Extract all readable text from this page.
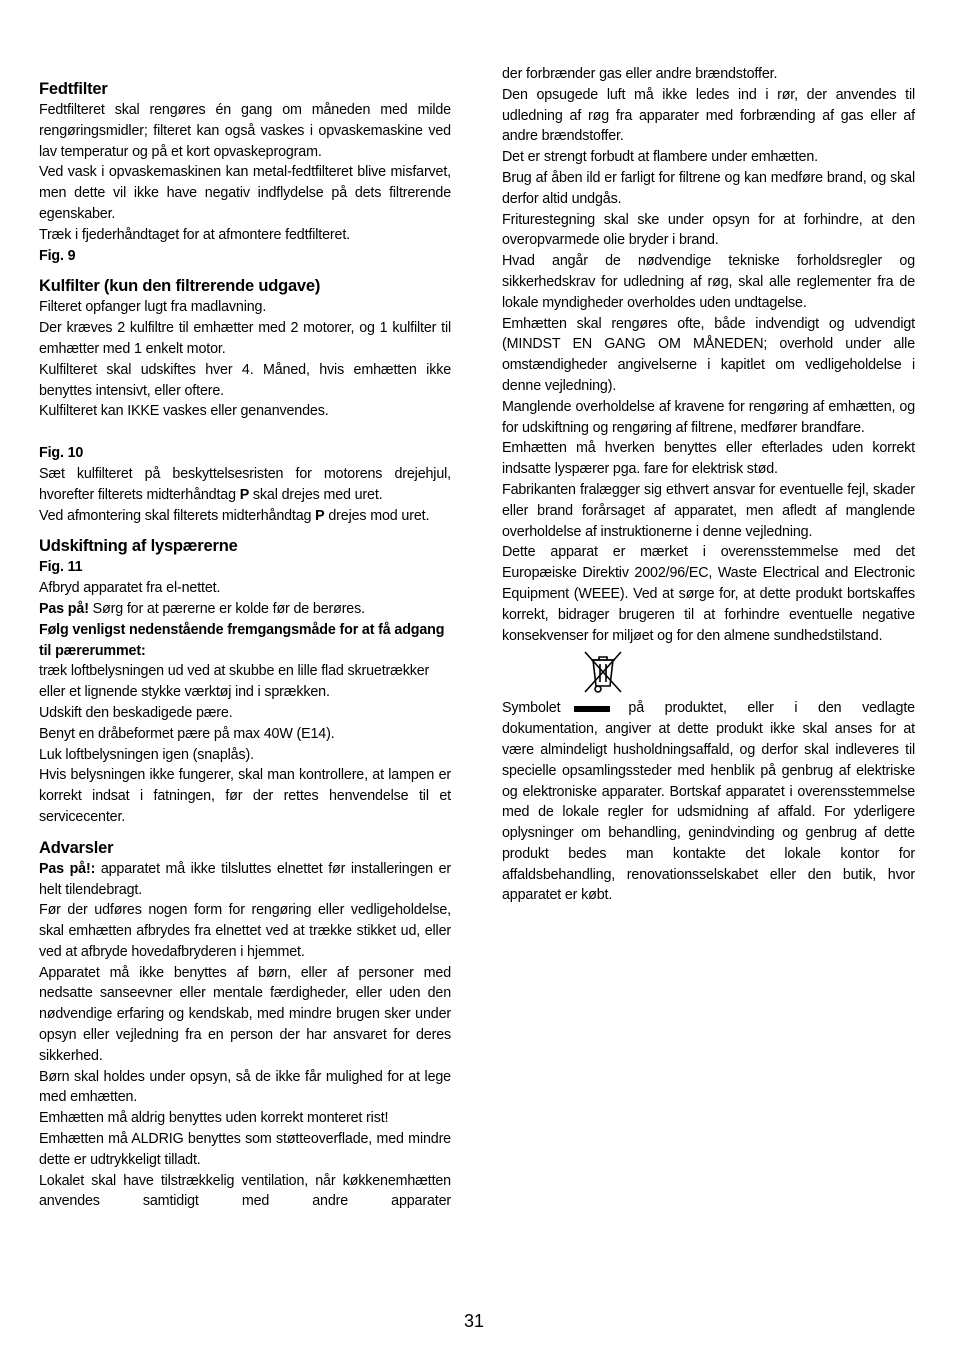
Fedtfilter

Fedtfilteret skal rengøres én gang om måneden med milde rengøringsmidler; filteret kan også vaskes i opvaskemaskine ved lav temperatur og på et kort opvaskeprogram.

Ved vask i opvaskemaskinen kan metal-fedtfilteret blive misfarvet, men dette vil ikke have negativ indflydelse på dets filtrerende egenskaber.

Træk i fjederhåndtaget for at afmontere fedtfilteret.

Fig. 9

Kulfilter (kun den filtrerende udgave)

Filteret opfanger lugt fra madlavning.

Der kræves 2 kulfiltre til emhætter med 2 motorer, og 1 kulfilter til emhætter med 1 enkelt motor.

Kulfilteret skal udskiftes hver 4. Måned, hvis emhætten ikke benyttes intensivt, eller oftere.

Kulfilteret kan IKKE vaskes eller genanvendes.

Fig. 10

Sæt kulfilteret på beskyttelsesristen for motorens drejehjul, hvorefter filterets midterhåndtag P skal drejes med uret.

Ved afmontering skal filterets midterhåndtag P drejes mod uret.

Udskiftning af lyspærerne

Fig. 11

Afbryd apparatet fra el-nettet.

Pas på! Sørg for at pærerne er kolde før de berøres.

Følg venligst nedenstående fremgangsmåde for at få adgang til pærerummet:

træk loftbelysningen ud ved at skubbe en lille flad skruetrækker eller et lignende stykke værktøj ind i sprækken.

Udskift den beskadigede pære.

Benyt en dråbeformet pære på max 40W (E14).

Luk loftbelysningen igen (snaplås).

Hvis belysningen ikke fungerer, skal man kontrollere, at lampen er korrekt indsat i fatningen, før der rettes henvendelse til et servicecenter.

Advarsler

Pas på!: apparatet må ikke tilsluttes elnettet før installeringen er helt tilendebragt.

Før der udføres nogen form for rengøring eller vedligeholdelse, skal emhætten afbrydes fra elnettet ved at trække stikket ud, eller ved at afbryde hovedafbryderen i hjemmet.

Apparatet må ikke benyttes af børn, eller af personer med nedsatte sanseevner eller mentale færdigheder, eller uden den nødvendige erfaring og kendskab, med mindre brugen sker under opsyn eller vejledning fra en person der har ansvaret for deres sikkerhed.

Børn skal holdes under opsyn, så de ikke får mulighed for at lege med emhætten.

Emhætten må aldrig benyttes uden korrekt monteret rist!

Emhætten må ALDRIG benyttes som støtteoverflade, med mindre dette er udtrykkeligt tilladt.

Lokalet skal have tilstrækkelig ventilation, når køkkenemhætten anvendes samtidigt med andre apparater

der forbrænder gas eller andre brændstoffer.

Den opsugede luft må ikke ledes ind i rør, der anvendes til udledning af røg fra apparater med forbrænding af gas eller af andre brændstoffer.

Det er strengt forbudt at flambere under emhætten.

Brug af åben ild er farligt for filtrene og kan medføre brand, og skal derfor altid undgås.

Friturestegning skal ske under opsyn for at forhindre, at den overopvarmede olie bryder i brand.

Hvad angår de nødvendige tekniske forholdsregler og sikkerhedskrav for udledning af røg, skal alle reglementer fra de lokale myndigheder overholdes uden undtagelse.

Emhætten skal rengøres ofte, både indvendigt og udvendigt (MINDST EN GANG OM MÅNEDEN; overhold under alle omstændigheder angivelserne i kapitlet om vedligeholdelse i denne vejledning).

Manglende overholdelse af kravene for rengøring af emhætten, og for udskiftning og rengøring af filtrene, medfører brandfare.

Emhætten må hverken benyttes eller efterlades uden korrekt indsatte lyspærer pga. fare for elektrisk stød.

Fabrikanten fralægger sig ethvert ansvar for eventuelle fejl, skader eller brand forårsaget af apparatet, men afledt af manglende overholdelse af instruktionerne i denne vejledning.

Dette apparat er mærket i overensstemmelse med det Europæiske Direktiv 2002/96/EC, Waste Electrical and Electronic Equipment (WEEE). Ved at sørge for, at dette produkt bortskaffes korrekt, bidrager brugeren til at forhindre eventuelle negative konsekvenser for miljøet og for den almene sundhedstilstand.

Symbolet	på produktet, eller i den vedlagte dokumentation, angiver at dette produkt ikke skal anses for at være almindeligt husholdningsaffald, og derfor skal indleveres til specielle opsamlingssteder med henblik på genbrug af elektriske og elektroniske apparater. Bortskaf apparatet i overensstemmelse med de lokale regler for udsmidning af affald. For yderligere oplysninger om behandling, genindvinding og genbrug af dette produkt bedes man kontakte det lokale kontor for affaldsbehandling, renovationsselskabet eller den butik, hvor apparatet er købt.

31
